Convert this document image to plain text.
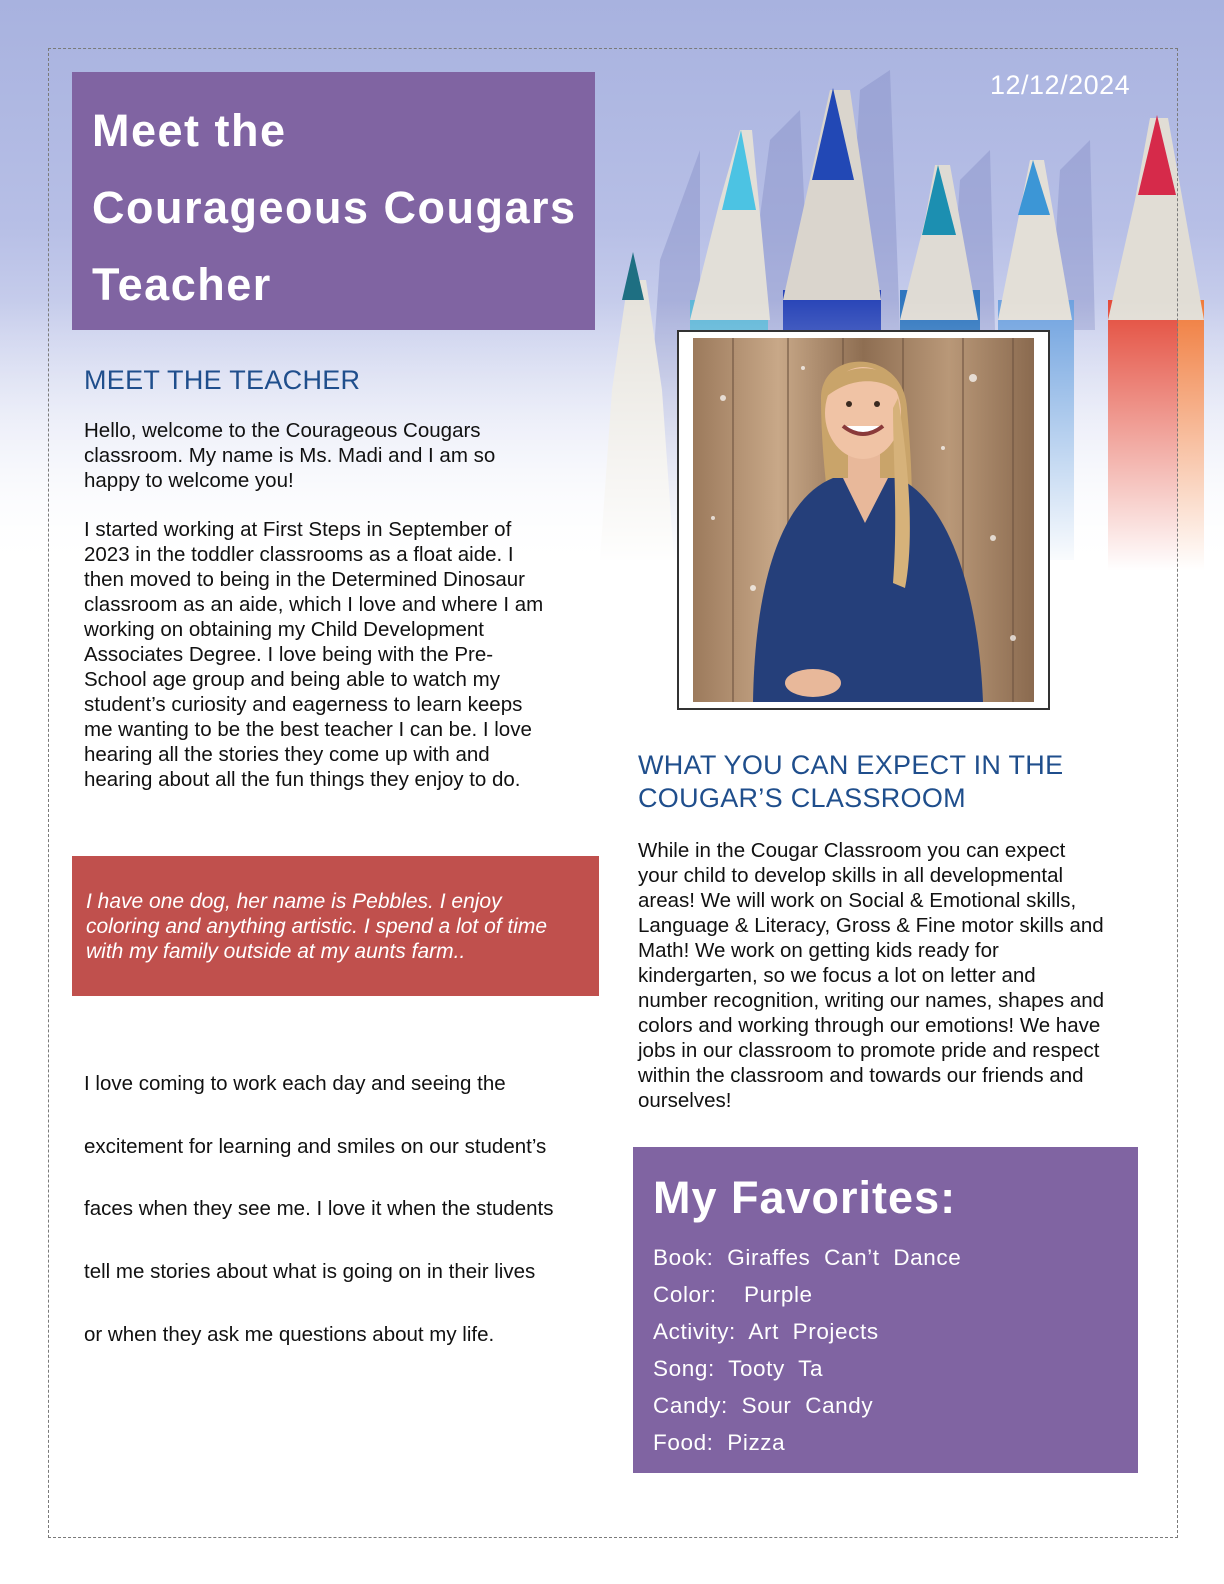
Meet the
Courageous Cougars
Teacher
12/12/2024
MEET THE TEACHER

Hello, welcome to the Courageous Cougars

classroom. My name is Ms. Madi and I am so

happy to welcome you!

I started working at First Steps in September of

2023 in the toddler classrooms as a float aide. I

then moved to being in the Determined Dinosaur

classroom as an aide, which I love and where I am

working on obtaining my Child Development

Associates Degree. I love being with the Pre-

School age group and being able to watch my

student’s curiosity and eagerness to learn keeps

me wanting to be the best teacher I can be. I love

hearing all the stories they come up with and

hearing about all the fun things they enjoy to do.	WHAT YOU CAN EXPECT IN THE
COUGAR’S CLASSROOM

While in the Cougar Classroom you can expect

your child to develop skills in all developmental

areas! We will work on Social & Emotional skills,

Language & Literacy, Gross & Fine motor skills and

Math! We work on getting kids ready for

kindergarten, so we focus a lot on letter and

number recognition, writing our names, shapes and

colors and working through our emotions! We have

jobs in our classroom to promote pride and respect

within the classroom and towards our friends and

ourselves!

I have one dog, her name is Pebbles. I enjoy
coloring and anything artistic. I spend a lot of time
with my family outside at my aunts farm..
I love coming to work each day and seeing the
excitement for learning and smiles on our student’s
faces when they see me. I love it when the students
tell me stories about what is going on in their lives
or when they ask me questions about my life.
My Favorites:
Book:  Giraffes  Can’t  Dance
Color:    Purple
Activity:  Art  Projects
Song:  Tooty  Ta
Candy:  Sour  Candy
Food:  Pizza
